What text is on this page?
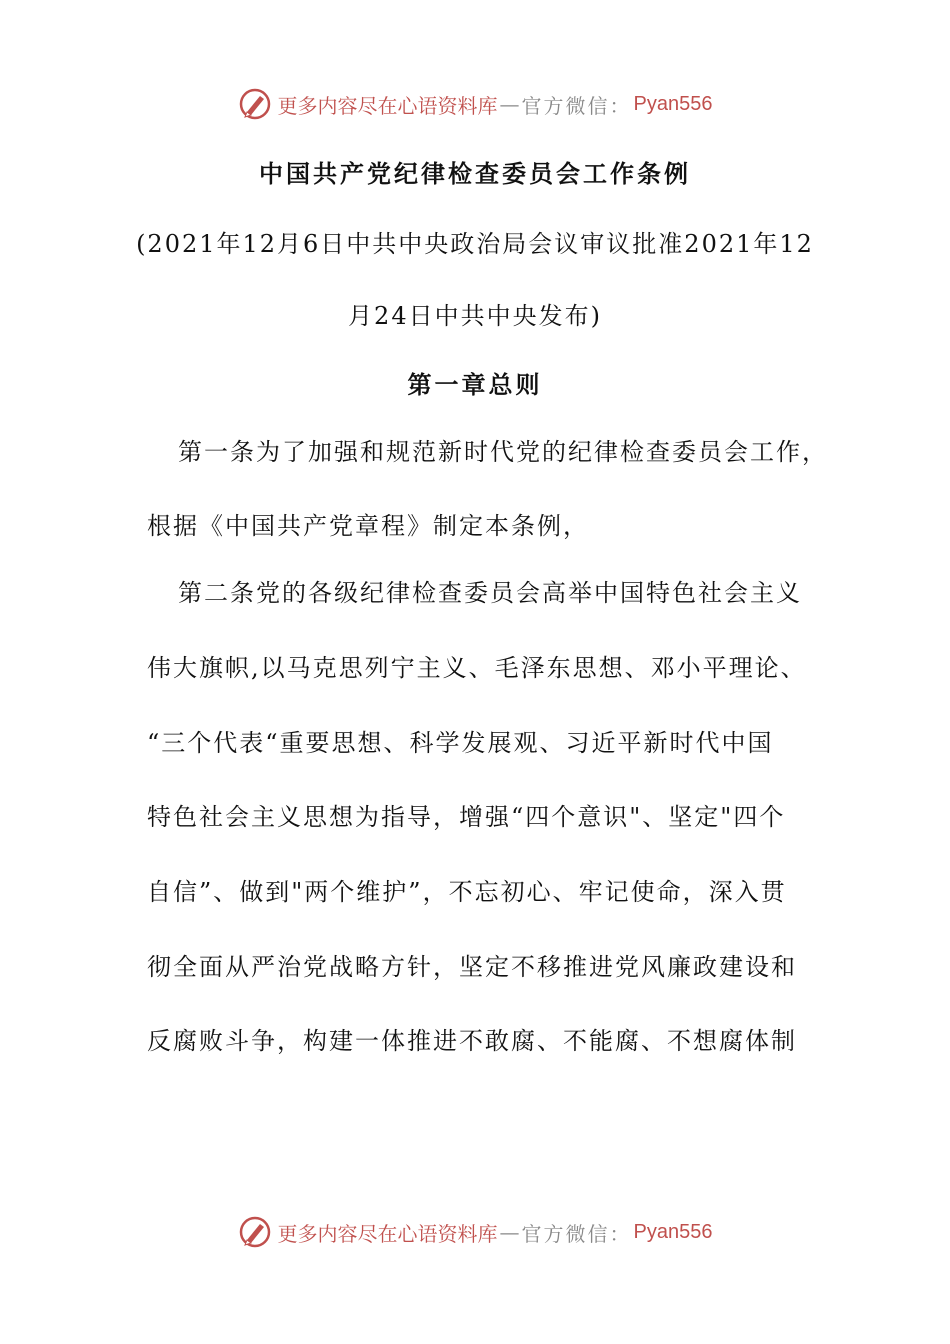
更多内容尽在心语资料库 — 官方微信： Pyan556
中国共产党纪律检查委员会工作条例
(2021年12月6日中共中央政治局会议审议批准2021年12
月24日中共中央发布)
第一章总则
第一条为了加强和规范新时代党的纪律检查委员会工作，
根据《中国共产党章程》制定本条例，
第二条党的各级纪律检查委员会高举中国特色社会主义
伟大旗帜,以马克思列宁主义、毛泽东思想、邓小平理论、
“三个代表“重要思想、科学发展观、习近平新时代中国
特色社会主义思想为指导，增强“四个意识"、坚定"四个
自信”、做到"两个维护”，不忘初心、牢记使命，深入贯
彻全面从严治党战略方针，坚定不移推进党风廉政建设和
反腐败斗争，构建一体推进不敢腐、不能腐、不想腐体制
更多内容尽在心语资料库 — 官方微信： Pyan556
